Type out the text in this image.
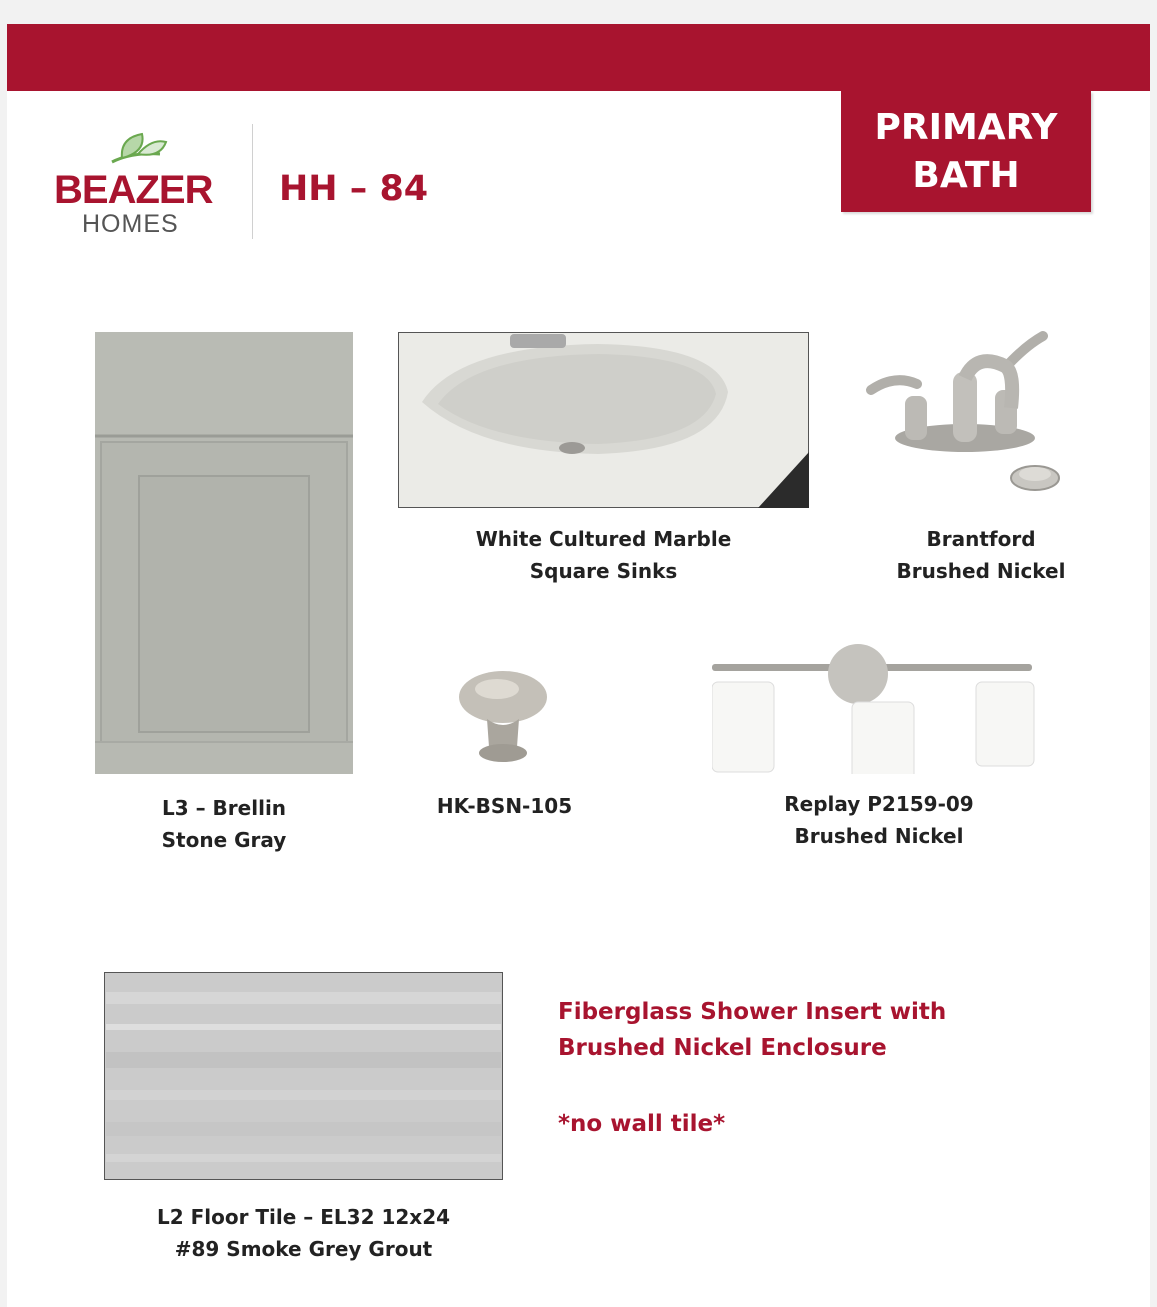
BEAZER
HOMES
HH – 84
PRIMARY
BATH
L3 – Brellin
Stone Gray
White Cultured Marble
Square Sinks
Brantford
Brushed Nickel
HK-BSN-105	Replay P2159-09
Brushed Nickel
L2 Floor Tile – EL32 12x24
#89 Smoke Grey Grout
Fiberglass Shower Insert with
Brushed Nickel Enclosure
*no wall tile*
